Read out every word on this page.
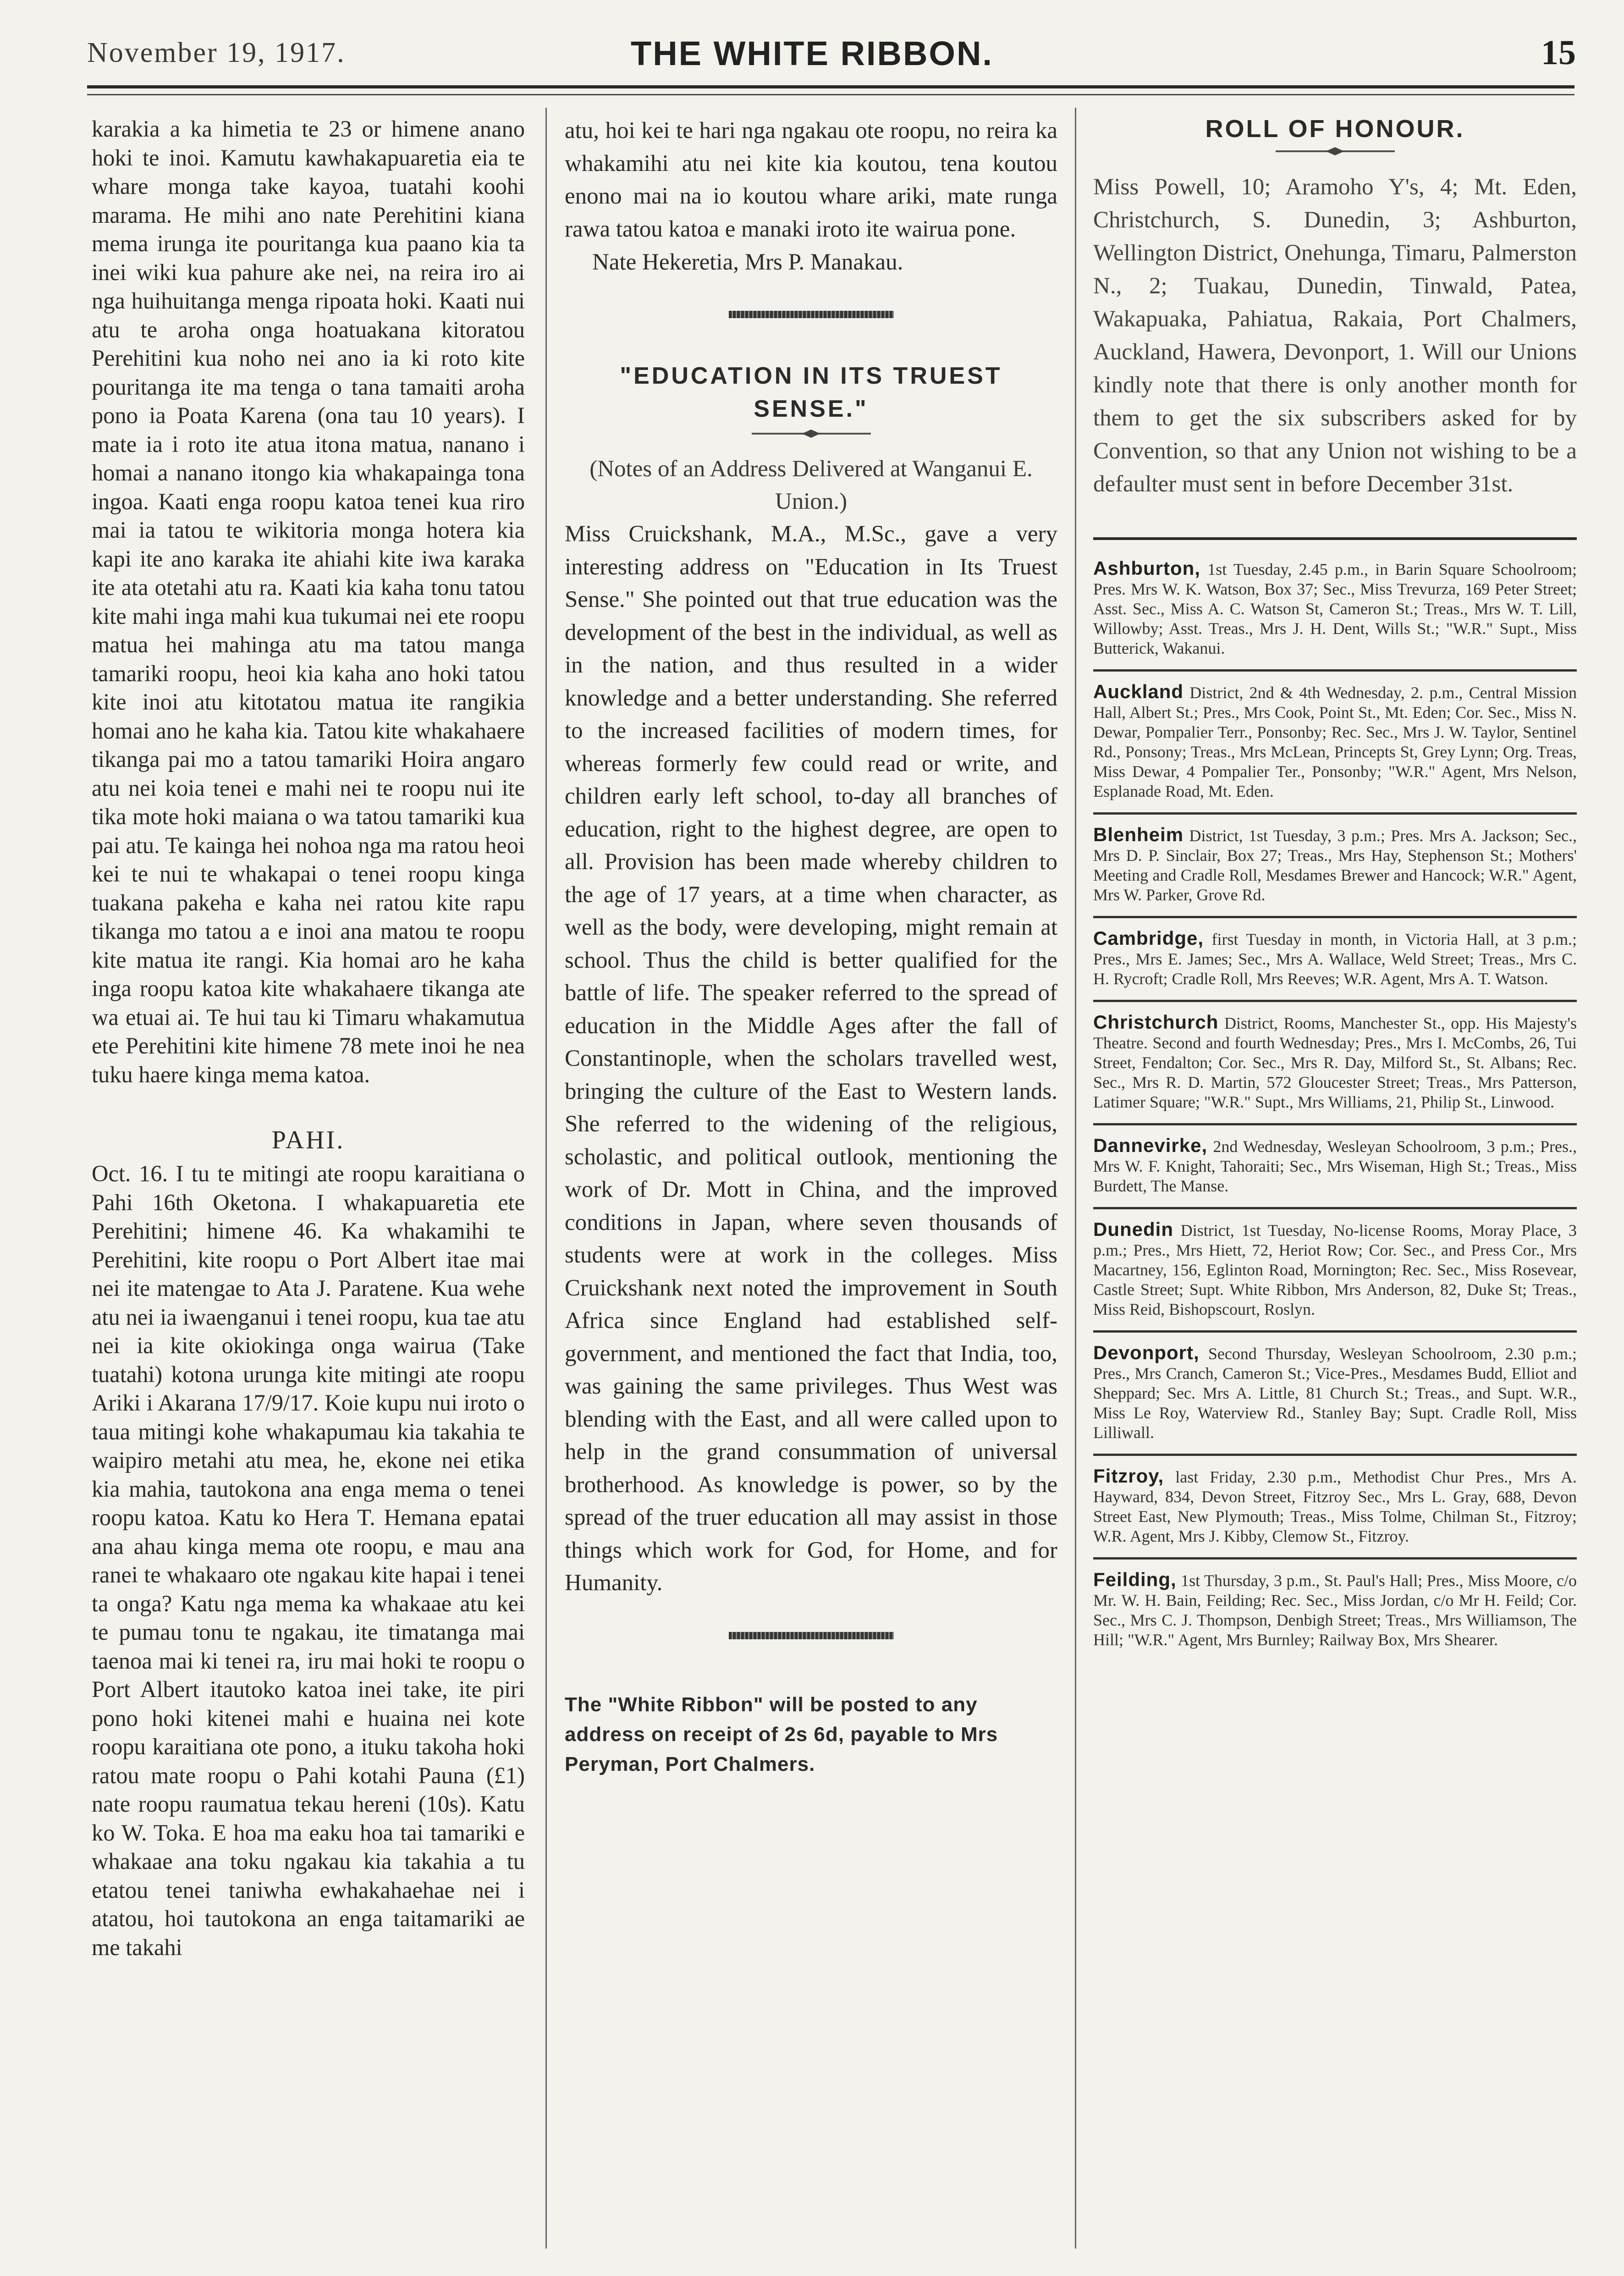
November 19, 1917.	THE WHITE RIBBON.	15

karakia a ka himetia te 23 or himene anano hoki te inoi. Kamutu kawhakapuaretia eia te whare monga take kayoa, tuatahi koohi marama. He mihi ano nate Perehitini kiana mema irunga ite pouritanga kua paano kia ta inei wiki kua pahure ake nei, na reira iro ai nga huihuitanga menga ripoata hoki. Kaati nui atu te aroha onga hoatuakana kitoratou Perehitini kua noho nei ano ia ki roto kite pouritanga ite ma tenga o tana tamaiti aroha pono ia Poata Karena (ona tau 10 years). I mate ia i roto ite atua itona matua, nanano i homai a nanano itongo kia whakapainga tona ingoa. Kaati enga roopu katoa tenei kua riro mai ia tatou te wikitoria monga hotera kia kapi ite ano karaka ite ahiahi kite iwa karaka ite ata otetahi atu ra. Kaati kia kaha tonu tatou kite mahi inga mahi kua tukumai nei ete roopu matua hei mahinga atu ma tatou manga tamariki roopu, heoi kia kaha ano hoki tatou kite inoi atu kitotatou matua ite rangikia homai ano he kaha kia. Tatou kite whakahaere tikanga pai mo a tatou tamariki Hoira angaro atu nei koia tenei e mahi nei te roopu nui ite tika mote hoki maiana o wa tatou tamariki kua pai atu. Te kainga hei nohoa nga ma ratou heoi kei te nui te whakapai o tenei roopu kinga tuakana pakeha e kaha nei ratou kite rapu tikanga mo tatou a e inoi ana matou te roopu kite matua ite rangi. Kia homai aro he kaha inga roopu katoa kite whakahaere tikanga ate wa etuai ai. Te hui tau ki Timaru whakamutua ete Perehitini kite himene 78 mete inoi he nea tuku haere kinga mema katoa.

PAHI.

Oct. 16. I tu te mitingi ate roopu karaitiana o Pahi 16th Oketona. I whakapuaretia ete Perehitini; himene 46. Ka whakamihi te Perehitini, kite roopu o Port Albert itae mai nei ite matengae to Ata J. Paratene. Kua wehe atu nei ia iwaenganui i tenei roopu, kua tae atu nei ia kite okiokinga onga wairua (Take tuatahi) kotona urunga kite mitingi ate roopu Ariki i Akarana 17/9/17. Koie kupu nui iroto o taua mitingi kohe whakapumau kia takahia te waipiro metahi atu mea, he, ekone nei etika kia mahia, tautokona ana enga mema o tenei roopu katoa. Katu ko Hera T. Hemana epatai ana ahau kinga mema ote roopu, e mau ana ranei te whakaaro ote ngakau kite hapai i tenei ta onga? Katu nga mema ka whakaae atu kei te pumau tonu te ngakau, ite timatanga mai taenoa mai ki tenei ra, iru mai hoki te roopu o Port Albert itautoko katoa inei take, ite piri pono hoki kitenei mahi e huaina nei kote roopu karaitiana ote pono, a ituku takoha hoki ratou mate roopu o Pahi kotahi Pauna (£1) nate roopu raumatua tekau hereni (10s). Katu ko W. Toka. E hoa ma eaku hoa tai tamariki e whakaae ana toku ngakau kia takahia a tu etatou tenei taniwha ewhakahaehae nei i atatou, hoi tautokona an enga taitamariki ae me takahi

atu, hoi kei te hari nga ngakau ote roopu, no reira ka whakamihi atu nei kite kia koutou, tena koutou enono mai na io koutou whare ariki, mate runga rawa tatou katoa e manaki iroto ite wairua pone.

Nate Hekeretia, Mrs P. Manakau.

"EDUCATION IN ITS TRUEST SENSE."

(Notes of an Address Delivered at Wanganui E. Union.)

Miss Cruickshank, M.A., M.Sc., gave a very interesting address on "Education in Its Truest Sense." She pointed out that true education was the development of the best in the individual, as well as in the nation, and thus resulted in a wider knowledge and a better understanding. She referred to the increased facilities of modern times, for whereas formerly few could read or write, and children early left school, to-day all branches of education, right to the highest degree, are open to all. Provision has been made whereby children to the age of 17 years, at a time when character, as well as the body, were developing, might remain at school. Thus the child is better qualified for the battle of life. The speaker referred to the spread of education in the Middle Ages after the fall of Constantinople, when the scholars travelled west, bringing the culture of the East to Western lands. She referred to the widening of the religious, scholastic, and political outlook, mentioning the work of Dr. Mott in China, and the improved conditions in Japan, where seven thousands of students were at work in the colleges. Miss Cruickshank next noted the improvement in South Africa since England had established self-government, and mentioned the fact that India, too, was gaining the same privileges. Thus West was blending with the East, and all were called upon to help in the grand consummation of universal brotherhood. As knowledge is power, so by the spread of the truer education all may assist in those things which work for God, for Home, and for Humanity.

The "White Ribbon" will be posted to any address on receipt of 2s 6d, payable to Mrs Peryman, Port Chalmers.

ROLL OF HONOUR.

Miss Powell, 10; Aramoho Y's, 4; Mt. Eden, Christchurch, S. Dunedin, 3; Ashburton, Wellington District, Onehunga, Timaru, Palmerston N., 2; Tuakau, Dunedin, Tinwald, Patea, Wakapuaka, Pahiatua, Rakaia, Port Chalmers, Auckland, Hawera, Devonport, 1. Will our Unions kindly note that there is only another month for them to get the six subscribers asked for by Convention, so that any Union not wishing to be a defaulter must sent in before December 31st.

Ashburton, 1st Tuesday, 2.45 p.m., in Barin Square Schoolroom; Pres. Mrs W. K. Watson, Box 37; Sec., Miss Trevurza, 169 Peter Street; Asst. Sec., Miss A. C. Watson St, Cameron St.; Treas., Mrs W. T. Lill, Willowby; Asst. Treas., Mrs J. H. Dent, Wills St.; "W.R." Supt., Miss Butterick, Wakanui.

Auckland District, 2nd & 4th Wednesday, 2. p.m., Central Mission Hall, Albert St.; Pres., Mrs Cook, Point St., Mt. Eden; Cor. Sec., Miss N. Dewar, Pompalier Terr., Ponsonby; Rec. Sec., Mrs J. W. Taylor, Sentinel Rd., Ponsony; Treas., Mrs McLean, Princepts St, Grey Lynn; Org. Treas, Miss Dewar, 4 Pompalier Ter., Ponsonby; "W.R." Agent, Mrs Nelson, Esplanade Road, Mt. Eden.

Blenheim District, 1st Tuesday, 3 p.m.; Pres. Mrs A. Jackson; Sec., Mrs D. P. Sinclair, Box 27; Treas., Mrs Hay, Stephenson St.; Mothers' Meeting and Cradle Roll, Mesdames Brewer and Hancock; W.R." Agent, Mrs W. Parker, Grove Rd.

Cambridge, first Tuesday in month, in Victoria Hall, at 3 p.m.; Pres., Mrs E. James; Sec., Mrs A. Wallace, Weld Street; Treas., Mrs C. H. Rycroft; Cradle Roll, Mrs Reeves; W.R. Agent, Mrs A. T. Watson.

Christchurch District, Rooms, Manchester St., opp. His Majesty's Theatre. Second and fourth Wednesday; Pres., Mrs I. McCombs, 26, Tui Street, Fendalton; Cor. Sec., Mrs R. Day, Milford St., St. Albans; Rec. Sec., Mrs R. D. Martin, 572 Gloucester Street; Treas., Mrs Patterson, Latimer Square; "W.R." Supt., Mrs Williams, 21, Philip St., Linwood.

Dannevirke, 2nd Wednesday, Wesleyan Schoolroom, 3 p.m.; Pres., Mrs W. F. Knight, Tahoraiti; Sec., Mrs Wiseman, High St.; Treas., Miss Burdett, The Manse.

Dunedin District, 1st Tuesday, No-license Rooms, Moray Place, 3 p.m.; Pres., Mrs Hiett, 72, Heriot Row; Cor. Sec., and Press Cor., Mrs Macartney, 156, Eglinton Road, Mornington; Rec. Sec., Miss Rosevear, Castle Street; Supt. White Ribbon, Mrs Anderson, 82, Duke St; Treas., Miss Reid, Bishopscourt, Roslyn.

Devonport, Second Thursday, Wesleyan Schoolroom, 2.30 p.m.; Pres., Mrs Cranch, Cameron St.; Vice-Pres., Mesdames Budd, Elliot and Sheppard; Sec. Mrs A. Little, 81 Church St.; Treas., and Supt. W.R., Miss Le Roy, Waterview Rd., Stanley Bay; Supt. Cradle Roll, Miss Lilliwall.

Fitzroy, last Friday, 2.30 p.m., Methodist Chur Pres., Mrs A. Hayward, 834, Devon Street, Fitzroy Sec., Mrs L. Gray, 688, Devon Street East, New Plymouth; Treas., Miss Tolme, Chilman St., Fitzroy; W.R. Agent, Mrs J. Kibby, Clemow St., Fitzroy.

Feilding, 1st Thursday, 3 p.m., St. Paul's Hall; Pres., Miss Moore, c/o Mr. W. H. Bain, Feilding; Rec. Sec., Miss Jordan, c/o Mr H. Feild; Cor. Sec., Mrs C. J. Thompson, Denbigh Street; Treas., Mrs Williamson, The Hill; "W.R." Agent, Mrs Burnley; Railway Box, Mrs Shearer.
